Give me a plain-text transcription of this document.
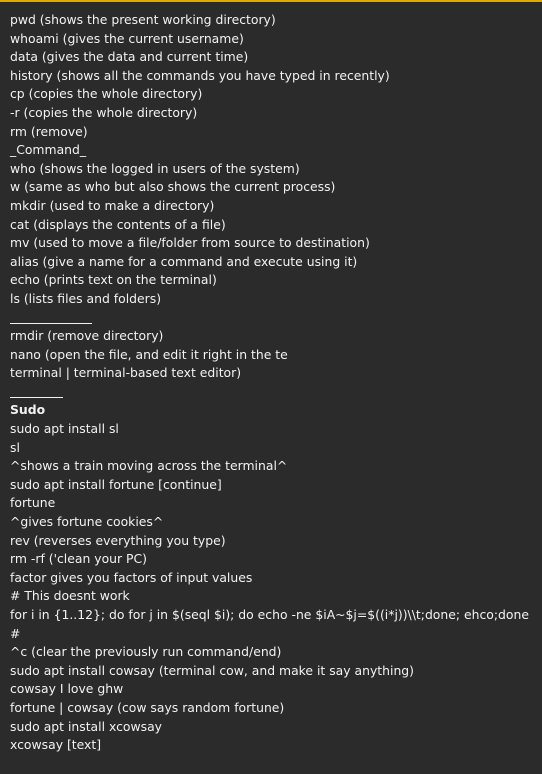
pwd (shows the present working directory)
whoami (gives the current username)
data (gives the data and current time)
history (shows all the commands you have typed in recently)
cp (copies the whole directory)
-r (copies the whole directory)
rm (remove)
_Command_
who (shows the logged in users of the system)
w (same as who but also shows the current process)
mkdir (used to make a directory)
cat (displays the contents of a file)
mv (used to move a file/folder from source to destination)
alias (give a name for a command and execute using it)
echo (prints text on the terminal)
ls (lists files and folders)
rmdir (remove directory)
nano (open the file, and edit it right in the te
terminal | terminal-based text editor)
Sudo
sudo apt install sl
sl
^shows a train moving across the terminal^
sudo apt install fortune [continue]
fortune
^gives fortune cookies^
rev (reverses everything you type)
rm -rf ('clean your PC)
factor gives you factors of input values
# This doesnt work
for i in {1..12}; do for j in $(seql $i); do echo -ne $iA~$j=$((i*j))\\t;done; ehco;done
#
^c (clear the previously run command/end)
sudo apt install cowsay (terminal cow, and make it say anything)
cowsay I love ghw
fortune | cowsay (cow says random fortune)
sudo apt install xcowsay
xcowsay [text]
